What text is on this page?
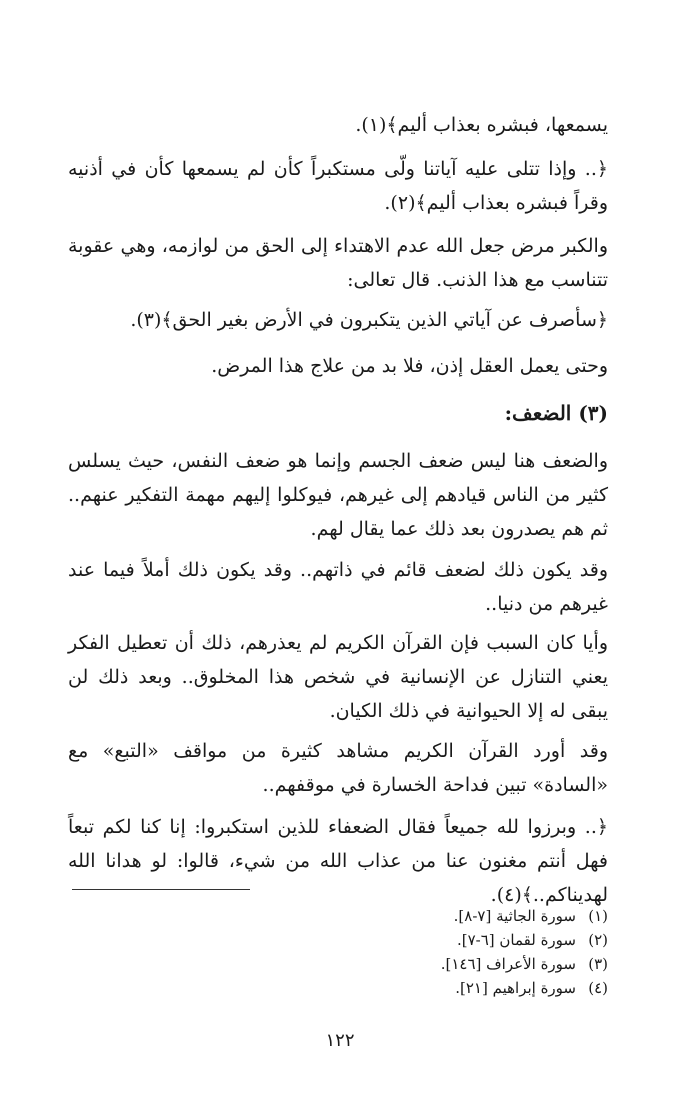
يسمعها، فبشره بعذاب أليم﴾(١).

﴿.. وإذا تتلى عليه آياتنا ولّى مستكبراً كأن لم يسمعها كأن في أذنيه وقراً فبشره بعذاب أليم﴾(٢).

والكبر مرض جعل الله عدم الاهتداء إلى الحق من لوازمه، وهي عقوبة تتناسب مع هذا الذنب. قال تعالى:

﴿سأصرف عن آياتي الذين يتكبرون في الأرض بغير الحق﴾(٣).

وحتى يعمل العقل إذن، فلا بد من علاج هذا المرض.

(٣) الضعف:

والضعف هنا ليس ضعف الجسم وإنما هو ضعف النفس، حيث يسلس كثير من الناس قيادهم إلى غيرهم، فيوكلوا إليهم مهمة التفكير عنهم.. ثم هم يصدرون بعد ذلك عما يقال لهم.

وقد يكون ذلك لضعف قائم في ذاتهم.. وقد يكون ذلك أملاً فيما عند غيرهم من دنيا..

وأيا كان السبب فإن القرآن الكريم لم يعذرهم، ذلك أن تعطيل الفكر يعني التنازل عن الإنسانية في شخص هذا المخلوق.. وبعد ذلك لن يبقى له إلا الحيوانية في ذلك الكيان.

وقد أورد القرآن الكريم مشاهد كثيرة من مواقف «التبع» مع «السادة» تبين فداحة الخسارة في موقفهم..

﴿.. وبرزوا لله جميعاً فقال الضعفاء للذين استكبروا: إنا كنا لكم تبعاً فهل أنتم مغنون عنا من عذاب الله من شيء، قالوا: لو هدانا الله لهديناكم..﴾(٤).

(١)
سورة الجاثية [٧-٨].
(٢)
سورة لقمان [٦-٧].
(٣)
سورة الأعراف [١٤٦].
(٤)
سورة إبراهيم [٢١].
١٢٢
